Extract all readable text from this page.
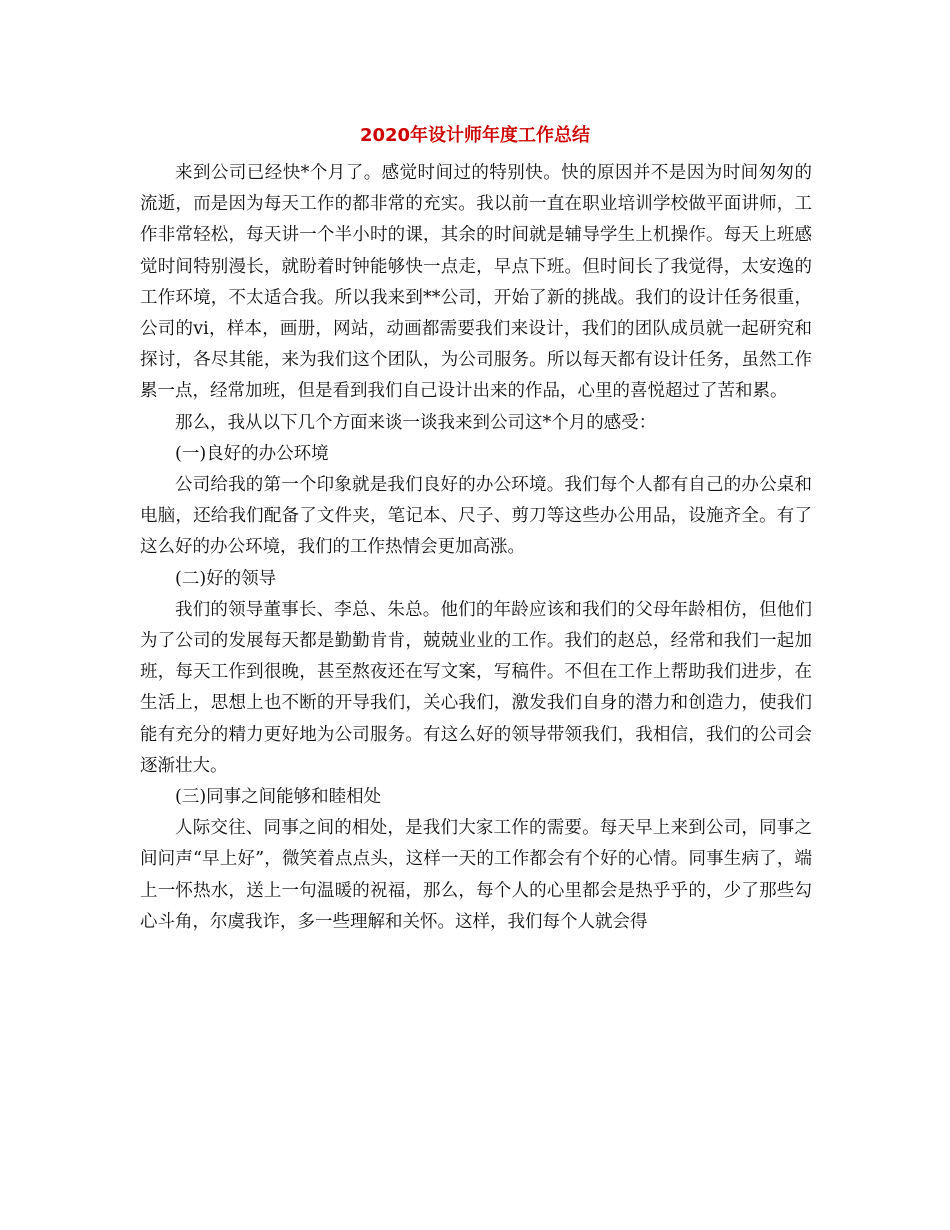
2020年设计师年度工作总结

来到公司已经快*个月了。感觉时间过的特别快。快的原因并不是因为时间匆匆的流逝，而是因为每天工作的都非常的充实。我以前一直在职业培训学校做平面讲师，工作非常轻松，每天讲一个半小时的课，其余的时间就是辅导学生上机操作。每天上班感觉时间特别漫长，就盼着时钟能够快一点走，早点下班。但时间长了我觉得，太安逸的工作环境，不太适合我。所以我来到**公司，开始了新的挑战。我们的设计任务很重，公司的vi，样本，画册，网站，动画都需要我们来设计，我们的团队成员就一起研究和探讨，各尽其能，来为我们这个团队，为公司服务。所以每天都有设计任务，虽然工作累一点，经常加班，但是看到我们自己设计出来的作品，心里的喜悦超过了苦和累。

那么，我从以下几个方面来谈一谈我来到公司这*个月的感受：

(一)良好的办公环境

公司给我的第一个印象就是我们良好的办公环境。我们每个人都有自己的办公桌和电脑，还给我们配备了文件夹，笔记本、尺子、剪刀等这些办公用品，设施齐全。有了这么好的办公环境，我们的工作热情会更加高涨。

(二)好的领导

我们的领导董事长、李总、朱总。他们的年龄应该和我们的父母年龄相仿，但他们为了公司的发展每天都是勤勤肯肯，兢兢业业的工作。我们的赵总，经常和我们一起加班，每天工作到很晚，甚至熬夜还在写文案，写稿件。不但在工作上帮助我们进步，在生活上，思想上也不断的开导我们，关心我们，激发我们自身的潜力和创造力，使我们能有充分的精力更好地为公司服务。有这么好的领导带领我们，我相信，我们的公司会逐渐壮大。

(三)同事之间能够和睦相处

人际交往、同事之间的相处，是我们大家工作的需要。每天早上来到公司，同事之间问声“早上好”，微笑着点点头，这样一天的工作都会有个好的心情。同事生病了，端上一怀热水，送上一句温暖的祝福，那么，每个人的心里都会是热乎乎的，少了那些勾心斗角，尔虞我诈，多一些理解和关怀。这样，我们每个人就会得
